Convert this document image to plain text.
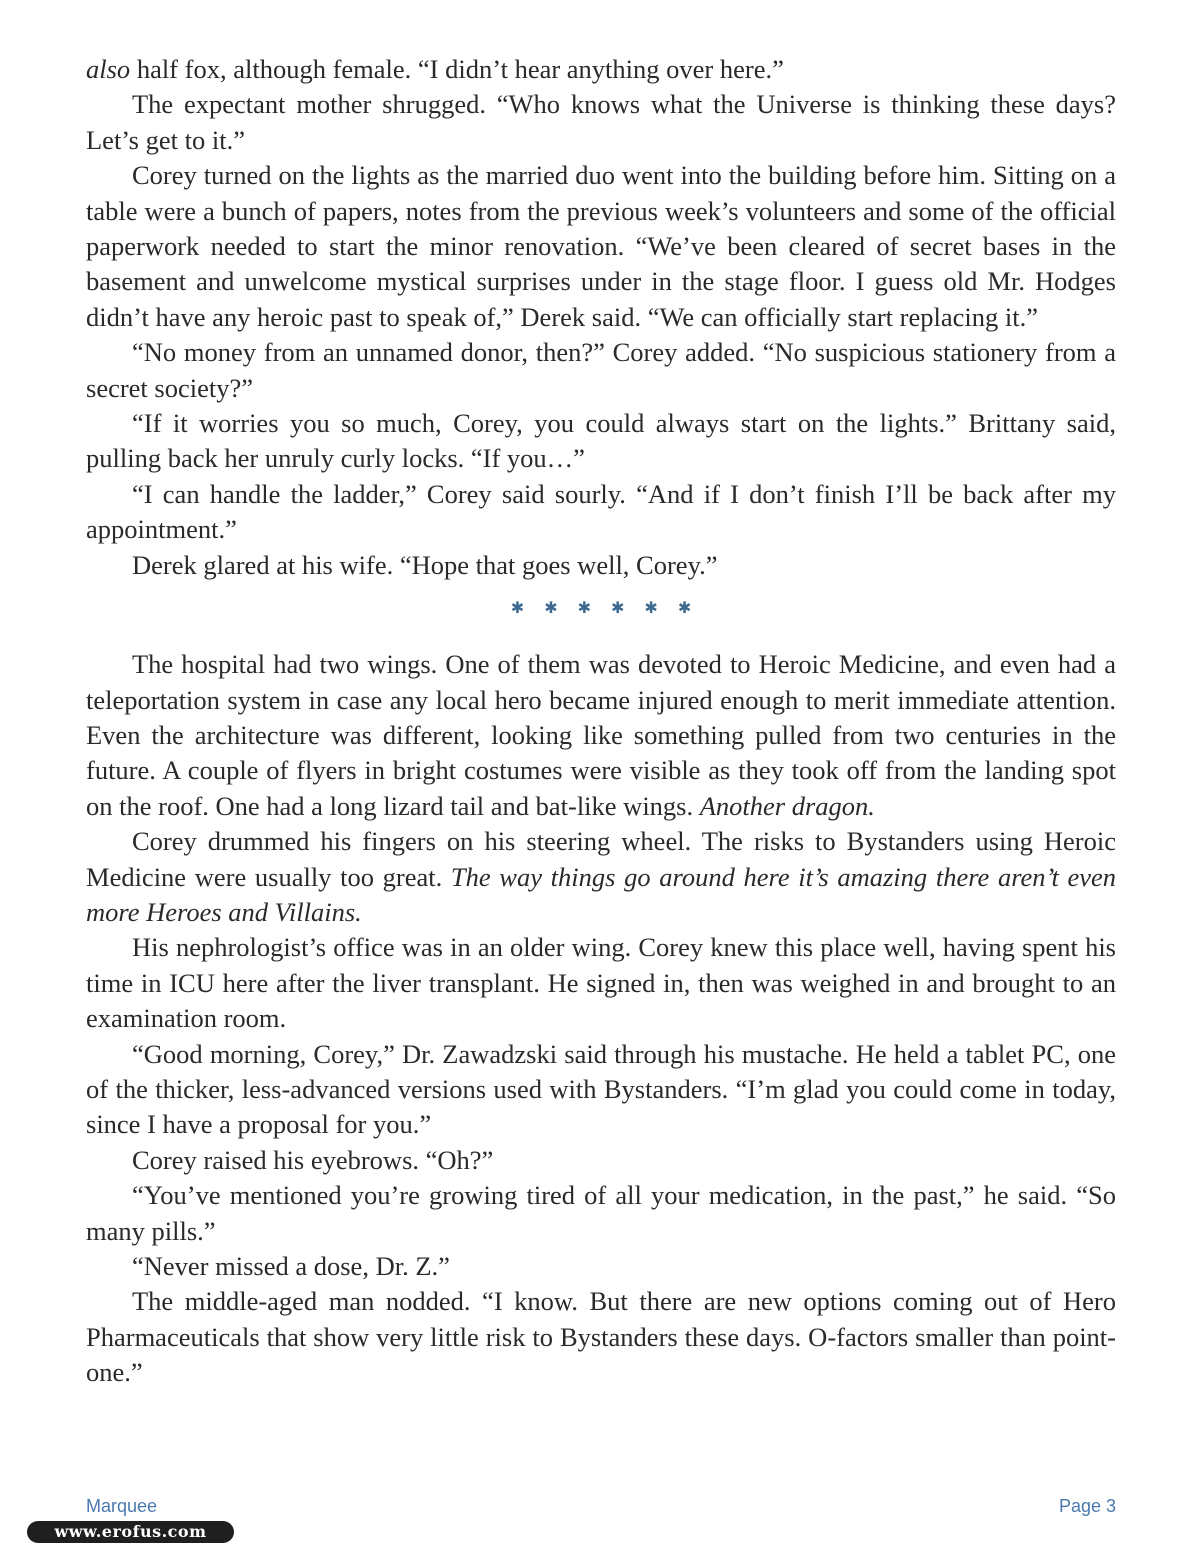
also half fox, although female. “I didn’t hear anything over here.”

The expectant mother shrugged. “Who knows what the Universe is thinking these days? Let’s get to it.”

Corey turned on the lights as the married duo went into the building before him. Sitting on a table were a bunch of papers, notes from the previous week’s volunteers and some of the official paperwork needed to start the minor renovation. “We’ve been cleared of secret bases in the basement and unwelcome mystical surprises under in the stage floor. I guess old Mr. Hodges didn’t have any heroic past to speak of,” Derek said. “We can officially start replacing it.”

“No money from an unnamed donor, then?” Corey added. “No suspicious stationery from a secret society?”

“If it worries you so much, Corey, you could always start on the lights.” Brittany said, pulling back her unruly curly locks. “If you…”

“I can handle the ladder,” Corey said sourly. “And if I don’t finish I’ll be back after my appointment.”

Derek glared at his wife. “Hope that goes well, Corey.”

✱ ✱ ✱ ✱ ✱ ✱

The hospital had two wings. One of them was devoted to Heroic Medicine, and even had a teleportation system in case any local hero became injured enough to merit immediate attention. Even the architecture was different, looking like something pulled from two centuries in the future. A couple of flyers in bright costumes were visible as they took off from the landing spot on the roof. One had a long lizard tail and bat-like wings. Another dragon.

Corey drummed his fingers on his steering wheel. The risks to Bystanders using Heroic Medicine were usually too great. The way things go around here it’s amazing there aren’t even more Heroes and Villains.

His nephrologist’s office was in an older wing. Corey knew this place well, having spent his time in ICU here after the liver transplant. He signed in, then was weighed in and brought to an examination room.

“Good morning, Corey,” Dr. Zawadzski said through his mustache. He held a tablet PC, one of the thicker, less-advanced versions used with Bystanders. “I’m glad you could come in today, since I have a proposal for you.”

Corey raised his eyebrows. “Oh?”

“You’ve mentioned you’re growing tired of all your medication, in the past,” he said. “So many pills.”

“Never missed a dose, Dr. Z.”

The middle-aged man nodded. “I know. But there are new options coming out of Hero Pharmaceuticals that show very little risk to Bystanders these days. O-factors smaller than point-one.”

Marquee	Page 3
www.erofus.com
